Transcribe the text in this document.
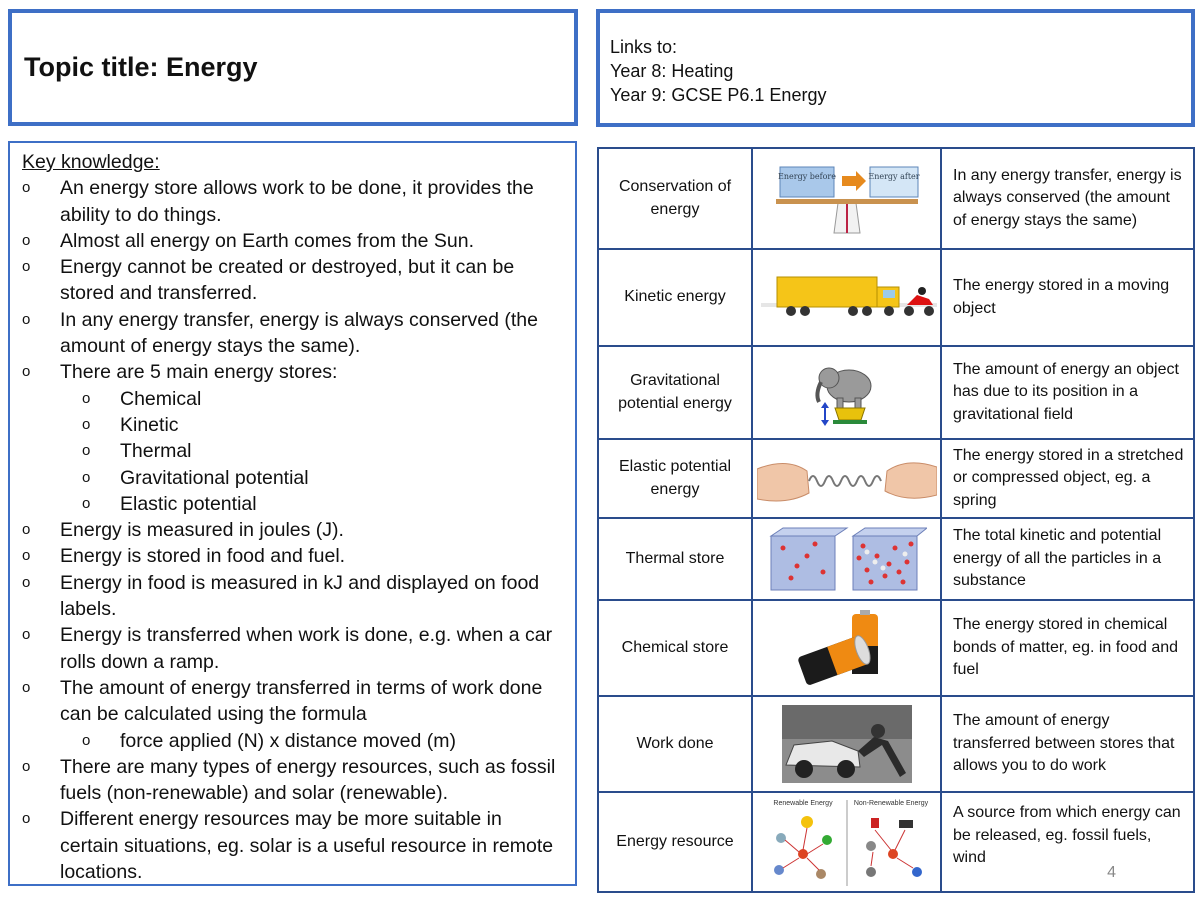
Topic title: Energy
Links to:
Year 8: Heating
Year 9: GCSE P6.1 Energy
Key knowledge:
o An energy store allows work to be done, it provides the ability to do things.
o Almost all energy on Earth comes from the Sun.
o Energy cannot be created or destroyed, but it can be stored and transferred.
o In any energy transfer, energy is always conserved (the amount of energy stays the same).
o There are 5 main energy stores:
o Chemical
o Kinetic
o Thermal
o Gravitational potential
o Elastic potential
o Energy is measured in joules (J).
o Energy is stored in food and fuel.
o Energy in food is measured in kJ and displayed on food labels.
o Energy is transferred when work is done, e.g. when a car rolls down a ramp.
o The amount of energy transferred in terms of work done can be calculated using the formula
o force applied (N) x distance moved (m)
o There are many types of energy resources, such as fossil fuels (non-renewable) and solar (renewable).
o Different energy resources may be more suitable in certain situations, eg. solar is a useful resource in remote locations.
Conservation of energy	Energy before Energy after	In any energy transfer, energy is always conserved (the amount of energy stays the same)
Kinetic energy		The energy stored in a moving object
Gravitational potential energy		The amount of energy an object has due to its position in a gravitational field
Elastic potential energy		The energy stored in a stretched or compressed object, eg. a spring
Thermal store		The total kinetic and potential energy of all the particles in a substance
Chemical store		The energy stored in chemical bonds of matter, eg. in food and fuel
Work done		The amount of energy transferred between stores that allows you to do work
Energy resource	Renewable Energy Non-Renewable Energy	A source from which energy can be released, eg. fossil fuels, wind
4
